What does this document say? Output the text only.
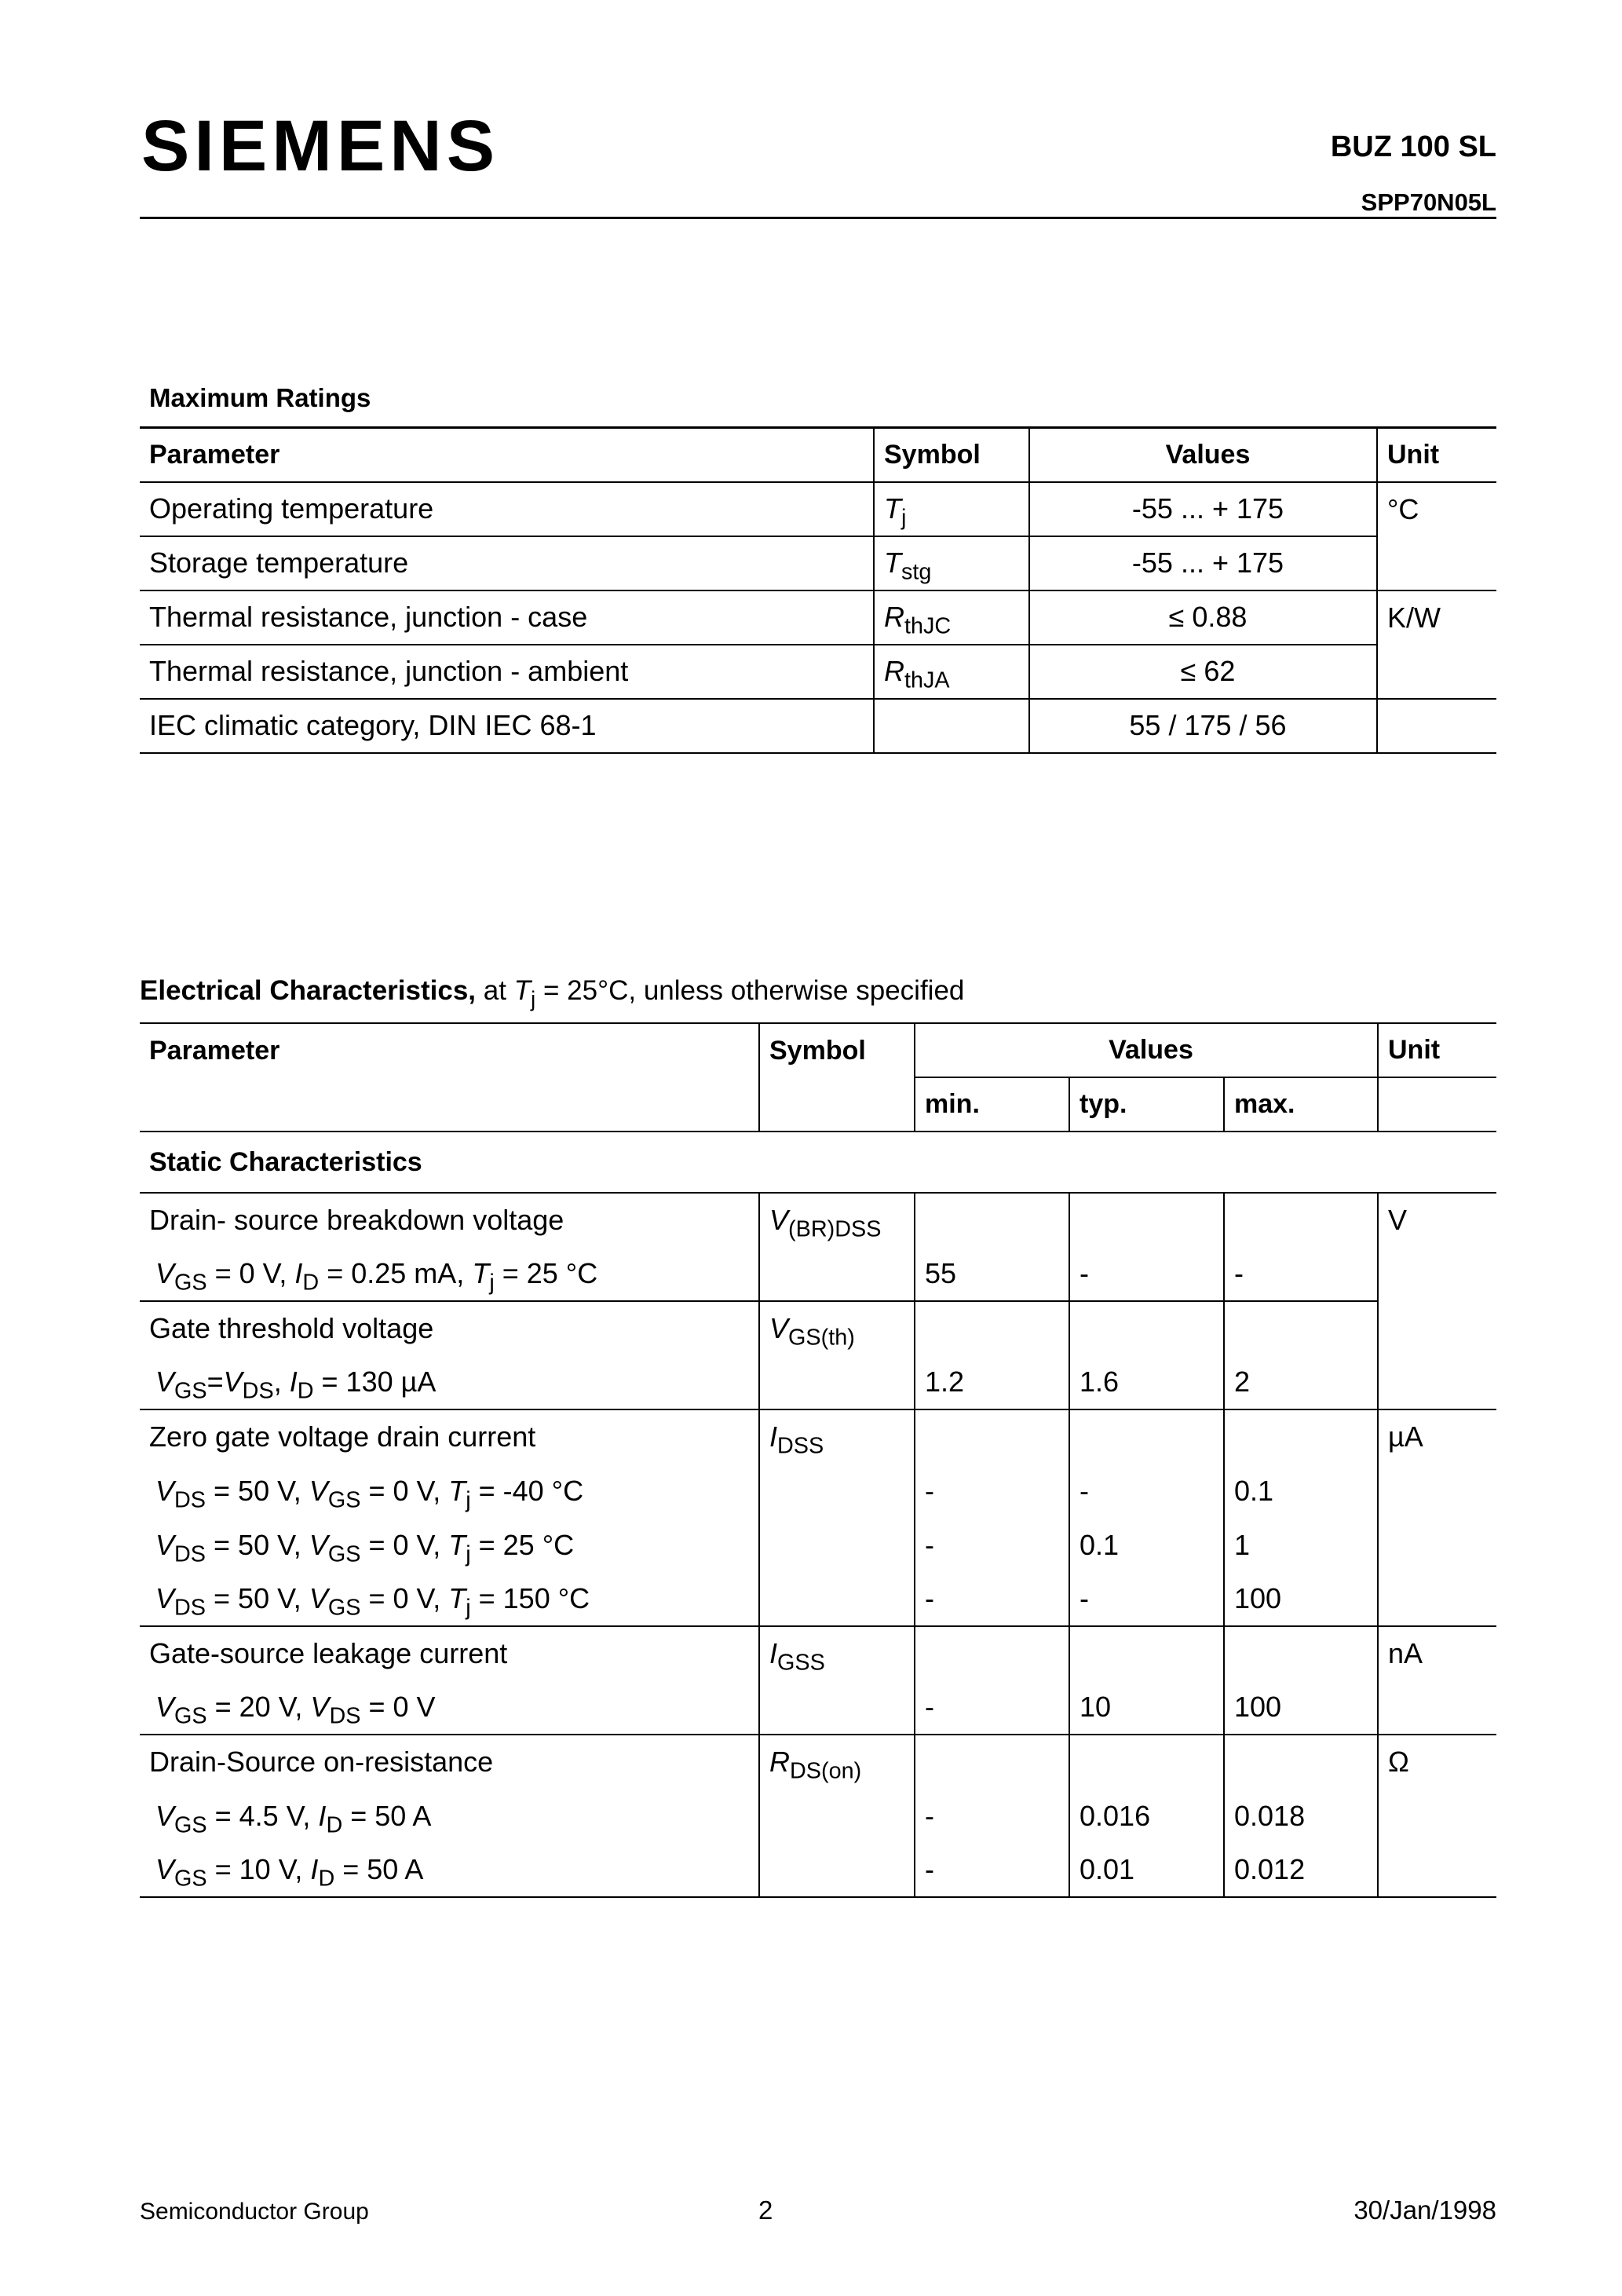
SIEMENS	BUZ 100 SL
SPP70N05L
Maximum Ratings
Parameter	Symbol	Values	Unit
Operating temperature	$T_j$	-55 ... + 175	°C
Storage temperature	$T_{stg}$	-55 ... + 175	
Thermal resistance, junction - case	$R_{thJC}$	≤ 0.88	K/W
Thermal resistance, junction - ambient	$R_{thJA}$	≤ 62	
IEC climatic category, DIN IEC 68-1		55 / 175 / 56	
Electrical Characteristics, at $T_j = 25^\circ C$, unless otherwise specified
Parameter	Symbol	Values			Unit
		min.	typ.	max.	
Static Characteristics					
Drain- source breakdown voltage	$V_{(BR)DSS}$				V
$V_{GS} = 0$ V, $I_D = 0.25$ mA, $T_j = 25$ °C		55	-	-	
Gate threshold voltage	$V_{GS(th)}$				
$V_{GS}=V_{DS}$, $I_D = 130$ µA		1.2	1.6	2	
Zero gate voltage drain current	$I_{DSS}$				µA
$V_{DS} = 50$ V, $V_{GS} = 0$ V, $T_j = -40$ °C		-	-	0.1	
$V_{DS} = 50$ V, $V_{GS} = 0$ V, $T_j = 25$ °C		-	0.1	1	
$V_{DS} = 50$ V, $V_{GS} = 0$ V, $T_j = 150$ °C		-	-	100	
Gate-source leakage current	$I_{GSS}$				nA
$V_{GS} = 20$ V, $V_{DS} = 0$ V		-	10	100	
Drain-Source on-resistance	$R_{DS(on)}$				Ω
$V_{GS} = 4.5$ V, $I_D = 50$ A		-	0.016	0.018	
$V_{GS} = 10$ V, $I_D = 50$ A		-	0.01	0.012	
Semiconductor Group	2	30/Jan/1998
